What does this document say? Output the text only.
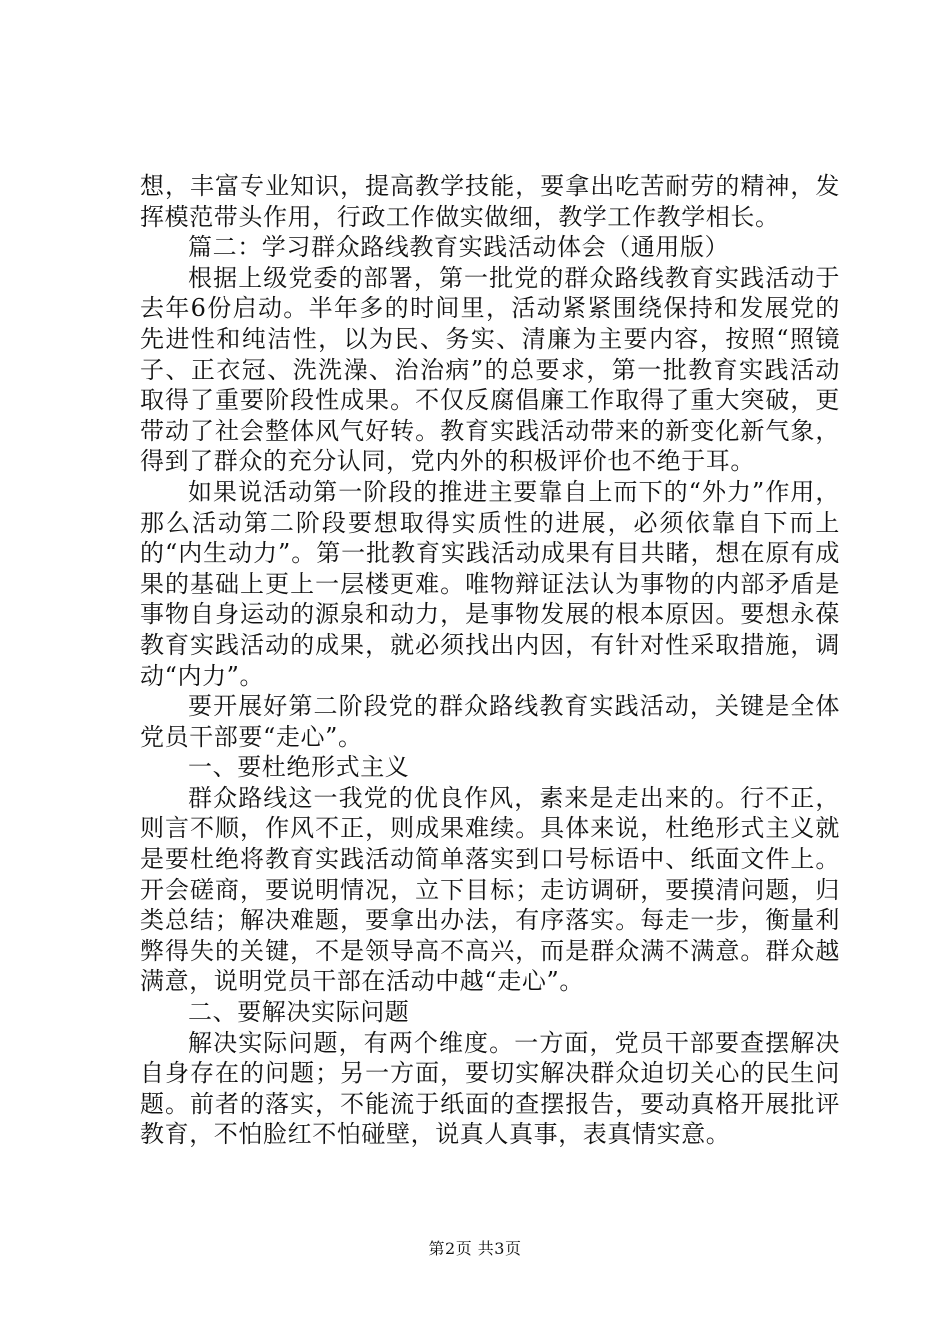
想，丰富专业知识，提高教学技能，要拿出吃苦耐劳的精神，发挥模范带头作用，行政工作做实做细，教学工作教学相长。

篇二：学习群众路线教育实践活动体会（通用版）

根据上级党委的部署，第一批党的群众路线教育实践活动于去年6份启动。半年多的时间里，活动紧紧围绕保持和发展党的先进性和纯洁性，以为民、务实、清廉为主要内容，按照“照镜子、正衣冠、洗洗澡、治治病”的总要求，第一批教育实践活动取得了重要阶段性成果。不仅反腐倡廉工作取得了重大突破，更带动了社会整体风气好转。教育实践活动带来的新变化新气象，得到了群众的充分认同，党内外的积极评价也不绝于耳。

如果说活动第一阶段的推进主要靠自上而下的“外力”作用，那么活动第二阶段要想取得实质性的进展，必须依靠自下而上的“内生动力”。第一批教育实践活动成果有目共睹，想在原有成果的基础上更上一层楼更难。唯物辩证法认为事物的内部矛盾是事物自身运动的源泉和动力，是事物发展的根本原因。要想永葆教育实践活动的成果，就必须找出内因，有针对性采取措施，调动“内力”。

要开展好第二阶段党的群众路线教育实践活动，关键是全体党员干部要“走心”。

一、要杜绝形式主义

群众路线这一我党的优良作风，素来是走出来的。行不正，则言不顺，作风不正，则成果难续。具体来说，杜绝形式主义就是要杜绝将教育实践活动简单落实到口号标语中、纸面文件上。开会磋商，要说明情况，立下目标；走访调研，要摸清问题，归类总结；解决难题，要拿出办法，有序落实。每走一步，衡量利弊得失的关键，不是领导高不高兴，而是群众满不满意。群众越满意，说明党员干部在活动中越“走心”。

二、要解决实际问题

解决实际问题，有两个维度。一方面，党员干部要查摆解决自身存在的问题；另一方面，要切实解决群众迫切关心的民生问题。前者的落实，不能流于纸面的查摆报告，要动真格开展批评教育，不怕脸红不怕碰壁，说真人真事，表真情实意。

第2页 共3页
